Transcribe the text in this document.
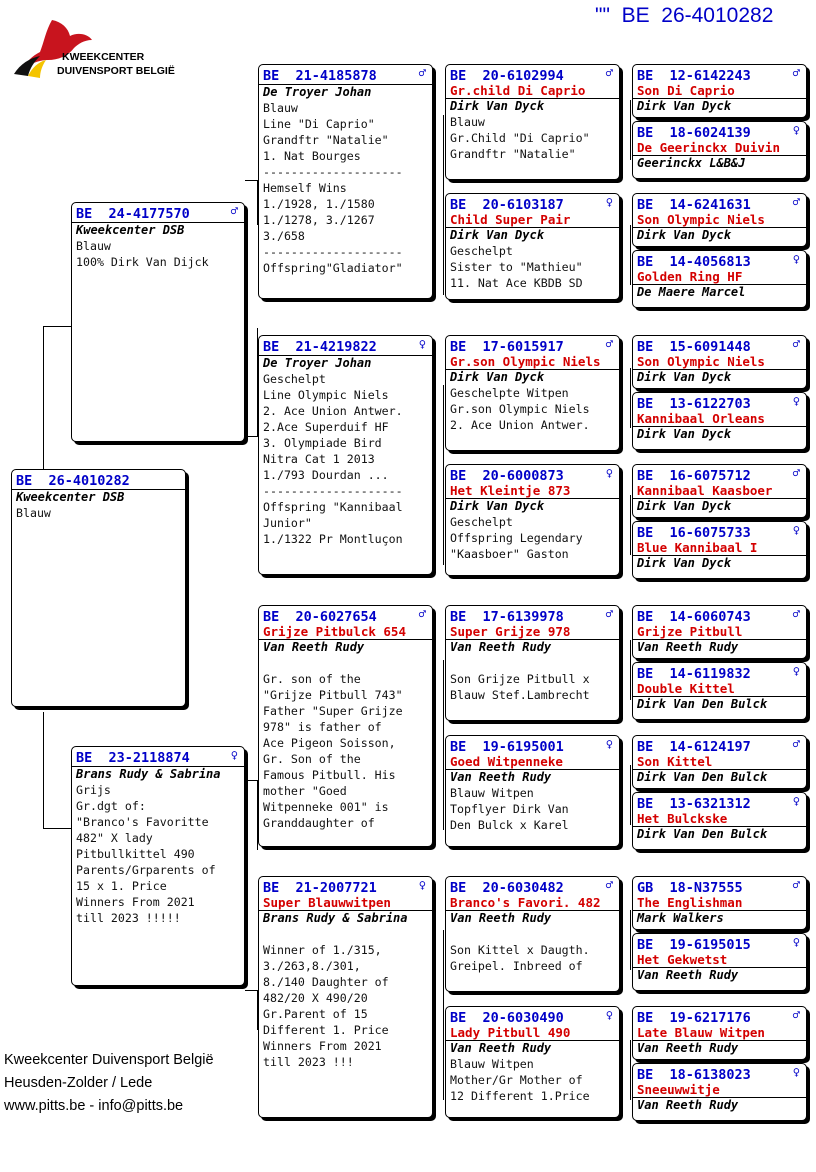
KWEEKCENTER
DUIVENSPORT BELGIË
""  BE  26-4010282
BE  26-4010282
Kweekcenter DSB
Blauw
BE  24-4177570	♂
Kweekcenter DSB
Blauw
100% Dirk Van Dijck
BE  23-2118874	♀
Brans Rudy & Sabrina
Grijs
Gr.dgt of:
"Branco's Favoritte
482" X lady
Pitbullkittel 490
Parents/Grparents of
15 x 1. Price
Winners From 2021
till 2023 !!!!!
BE  21-4185878	♂
De Troyer Johan
Blauw
Line "Di Caprio"
Grandftr "Natalie"
1. Nat Bourges
--------------------
Hemself Wins
1./1928, 1./1580
1./1278, 3./1267
3./658
--------------------
Offspring"Gladiator"
BE  21-4219822	♀
De Troyer Johan
Geschelpt
Line Olympic Niels
2. Ace Union Antwer.
2.Ace Superduif HF
3. Olympiade Bird
Nitra Cat 1 2013
1./793 Dourdan ...
--------------------
Offspring "Kannibaal
Junior"
1./1322 Pr Montluçon
BE  20-6027654	♂
Grijze Pitbulck 654
Van Reeth Rudy

Gr. son of the
"Grijze Pitbull 743"
Father "Super Grijze
978" is father of
Ace Pigeon Soisson,
Gr. Son of the
Famous Pitbull. His
mother "Goed
Witpenneke 001" is
Granddaughter of
BE  21-2007721	♀
Super Blauwwitpen
Brans Rudy & Sabrina

Winner of 1./315,
3./263,8./301,
8./140 Daughter of
482/20 X 490/20
Gr.Parent of 15
Different 1. Price
Winners From 2021
till 2023 !!!
BE  20-6102994	♂
Gr.child Di Caprio
Dirk Van Dyck
Blauw
Gr.Child "Di Caprio"
Grandftr "Natalie"
BE  20-6103187	♀
Child Super Pair
Dirk Van Dyck
Geschelpt
Sister to "Mathieu"
11. Nat Ace KBDB SD
BE  17-6015917	♂
Gr.son Olympic Niels
Dirk Van Dyck
Geschelpte Witpen
Gr.son Olympic Niels
2. Ace Union Antwer.
BE  20-6000873	♀
Het Kleintje 873
Dirk Van Dyck
Geschelpt
Offspring Legendary
"Kaasboer" Gaston
BE  17-6139978	♂
Super Grijze 978
Van Reeth Rudy

Son Grijze Pitbull x
Blauw Stef.Lambrecht
BE  19-6195001	♀
Goed Witpenneke
Van Reeth Rudy
Blauw Witpen
Topflyer Dirk Van
Den Bulck x Karel
BE  20-6030482	♂
Branco's Favori. 482
Van Reeth Rudy

Son Kittel x Daugth.
Greipel. Inbreed of
BE  20-6030490	♀
Lady Pitbull 490
Van Reeth Rudy
Blauw Witpen
Mother/Gr Mother of
12 Different 1.Price
BE  12-6142243	♂
Son Di Caprio
Dirk Van Dyck
BE  18-6024139	♀
De Geerinckx Duivin
Geerinckx L&B&J
BE  14-6241631	♂
Son Olympic Niels
Dirk Van Dyck
BE  14-4056813	♀
Golden Ring HF
De Maere Marcel
BE  15-6091448	♂
Son Olympic Niels
Dirk Van Dyck
BE  13-6122703	♀
Kannibaal Orleans
Dirk Van Dyck
BE  16-6075712	♂
Kannibaal Kaasboer
Dirk Van Dyck
BE  16-6075733	♀
Blue Kannibaal I
Dirk Van Dyck
BE  14-6060743	♂
Grijze Pitbull
Van Reeth Rudy
BE  14-6119832	♀
Double Kittel
Dirk Van Den Bulck
BE  14-6124197	♂
Son Kittel
Dirk Van Den Bulck
BE  13-6321312	♀
Het Bulckske
Dirk Van Den Bulck
GB  18-N37555	♂
The Englishman
Mark Walkers
BE  19-6195015	♀
Het Gekwetst
Van Reeth Rudy
BE  19-6217176	♂
Late Blauw Witpen
Van Reeth Rudy
BE  18-6138023	♀
Sneeuwwitje
Van Reeth Rudy
Kweekcenter Duivensport België
Heusden-Zolder / Lede
www.pitts.be - info@pitts.be
